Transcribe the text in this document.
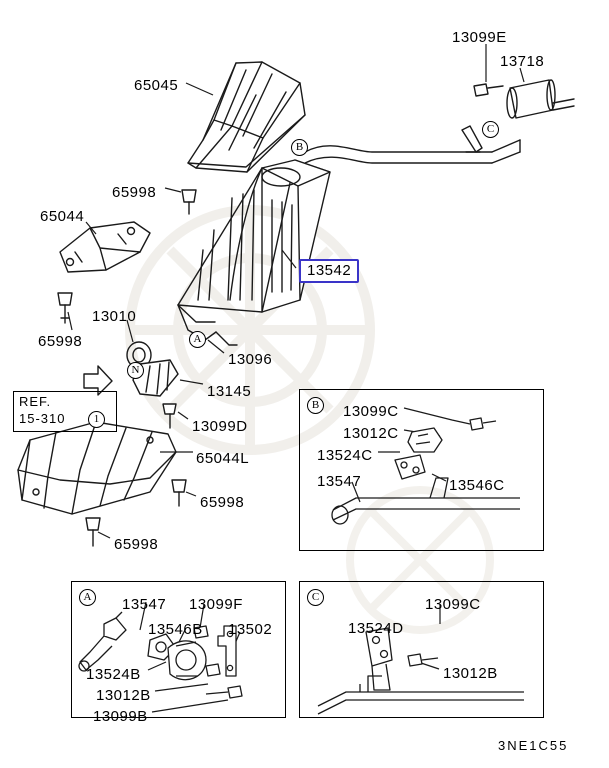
REF.
15-310	1
B
A	C
B
C
A
N
65045
13099E
13718
65998
65044
65998
13010
13096
13145
13099D
65044L
65998
65998
13542
13099C
13012C
13524C
13547	13546C
13547 13099F
13546B 13502
13524B
13012B
13099B
13099C
13524D
13012B
3NE1C55
